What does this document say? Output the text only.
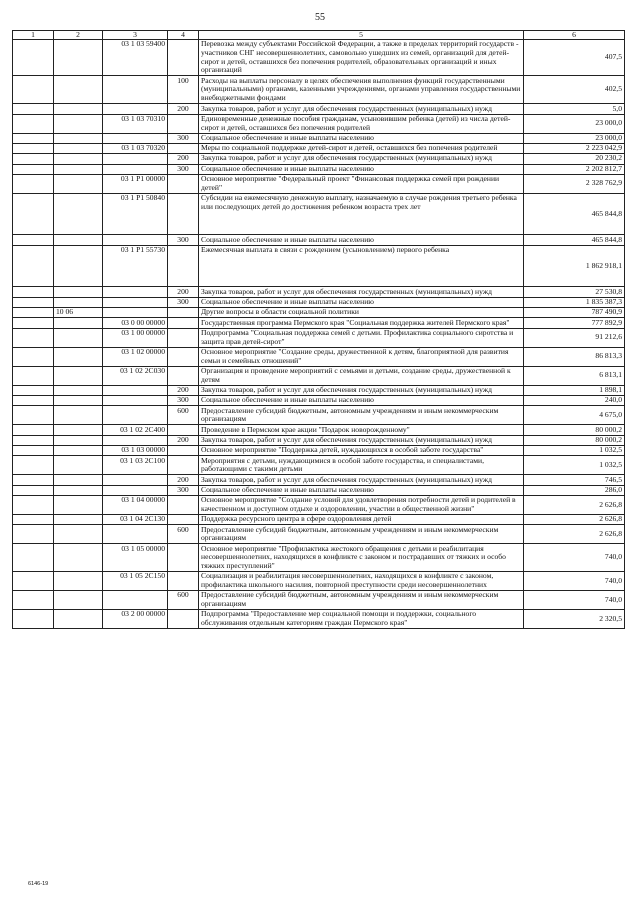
55
1	2	3	4	5	6
		03 1 03 59400		Перевозка между субъектами Российской Федерации, а также в пределах территорий государств - участников СНГ несовершеннолетних, самовольно ушедших из семей, организаций для детей-сирот и детей, оставшихся без попечения родителей, образовательных организаций и иных организаций	407,5
			100	Расходы на выплаты персоналу в целях обеспечения выполнения функций государственными (муниципальными) органами, казенными учреждениями, органами управления государственными внебюджетными фондами	402,5
			200	Закупка товаров, работ и услуг для обеспечения государственных (муниципальных) нужд	5,0
		03 1 03 70310		Единовременные денежные пособия гражданам, усыновившим ребенка (детей) из числа детей-сирот и детей, оставшихся без попечения родителей	23 000,0
			300	Социальное обеспечение и иные выплаты населению	23 000,0
		03 1 03 70320		Меры по социальной поддержке детей-сирот и детей, оставшихся без попечения родителей	2 223 042,9
			200	Закупка товаров, работ и услуг для обеспечения государственных (муниципальных) нужд	20 230,2
			300	Социальное обеспечение и иные выплаты населению	2 202 812,7
		03 1 P1 00000		Основное мероприятие "Федеральный проект "Финансовая поддержка семей при рождении детей"	2 328 762,9
		03 1 P1 50840		Субсидии на ежемесячную денежную выплату, назначаемую в случае рождения третьего ребенка или последующих детей до достижения ребенком возраста трех лет	465 844,8
			300	Социальное обеспечение и иные выплаты населению	465 844,8
		03 1 P1 55730		Ежемесячная выплата в связи с рождением (усыновлением) первого ребенка	1 862 918,1
			200	Закупка товаров, работ и услуг для обеспечения государственных (муниципальных) нужд	27 530,8
			300	Социальное обеспечение и иные выплаты населению	1 835 387,3
	10 06			Другие вопросы в области социальной политики	787 490,9
		03 0 00 00000		Государственная программа Пермского края "Социальная поддержка жителей Пермского края"	777 892,9
		03 1 00 00000		Подпрограмма "Социальная поддержка семей с детьми. Профилактика социального сиротства и защита прав детей-сирот"	91 212,6
		03 1 02 00000		Основное мероприятие "Создание среды, дружественной к детям, благоприятной для развития семьи и семейных отношений"	86 813,3
		03 1 02 2C030		Организация и проведение мероприятий с семьями и детьми, создание среды, дружественной к детям	6 813,1
			200	Закупка товаров, работ и услуг для обеспечения государственных (муниципальных) нужд	1 898,1
			300	Социальное обеспечение и иные выплаты населению	240,0
			600	Предоставление субсидий бюджетным, автономным учреждениям и иным некоммерческим организациям	4 675,0
		03 1 02 2C400		Проведение в Пермском крае акции "Подарок новорожденному"	80 000,2
			200	Закупка товаров, работ и услуг для обеспечения государственных (муниципальных) нужд	80 000,2
		03 1 03 00000		Основное мероприятие "Поддержка детей, нуждающихся в особой заботе государства"	1 032,5
		03 1 03 2C100		Мероприятия с детьми, нуждающимися в особой заботе государства, и специалистами, работающими с такими детьми	1 032,5
			200	Закупка товаров, работ и услуг для обеспечения государственных (муниципальных) нужд	746,5
			300	Социальное обеспечение и иные выплаты населению	286,0
		03 1 04 00000		Основное мероприятие "Создание условий для удовлетворения потребности детей и родителей в качественном и доступном отдыхе и оздоровлении, участии в общественной жизни"	2 626,8
		03 1 04 2C130		Поддержка ресурсного центра в сфере оздоровления детей	2 626,8
			600	Предоставление субсидий бюджетным, автономным учреждениям и иным некоммерческим организациям	2 626,8
		03 1 05 00000		Основное мероприятие "Профилактика жестокого обращения с детьми и реабилитация несовершеннолетних, находящихся в конфликте с законом и пострадавших от тяжких и особо тяжких преступлений"	740,0
		03 1 05 2C150		Социализация и реабилитация несовершеннолетних, находящихся в конфликте с законом, профилактика школьного насилия, повторной преступности среди несовершеннолетних	740,0
			600	Предоставление субсидий бюджетным, автономным учреждениям и иным некоммерческим организациям	740,0
		03 2 00 00000		Подпрограмма "Предоставление мер социальной помощи и поддержки, социального обслуживания отдельным категориям граждан Пермского края"	2 320,5
6146-19
